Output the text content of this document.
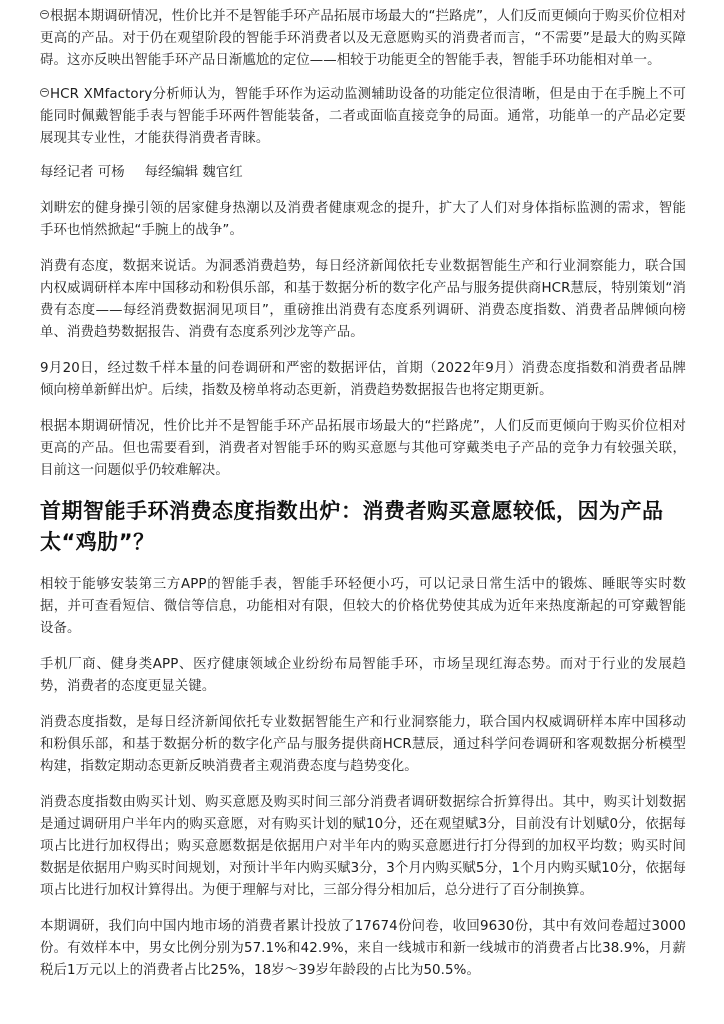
根据本期调研情况，性价比并不是智能手环产品拓展市场最大的“拦路虎”，人们反而更倾向于购买价位相对更高的产品。对于仍在观望阶段的智能手环消费者以及无意愿购买的消费者而言，“不需要”是最大的购买障碍。这亦反映出智能手环产品日渐尴尬的定位——相较于功能更全的智能手表，智能手环功能相对单一。

HCR XMfactory分析师认为，智能手环作为运动监测辅助设备的功能定位很清晰，但是由于在手腕上不可能同时佩戴智能手表与智能手环两件智能装备，二者或面临直接竞争的局面。通常，功能单一的产品必定要展现其专业性，才能获得消费者青睐。

每经记者 可杨 每经编辑 魏官红

刘畊宏的健身操引领的居家健身热潮以及消费者健康观念的提升，扩大了人们对身体指标监测的需求，智能手环也悄然掀起“手腕上的战争”。

消费有态度，数据来说话。为洞悉消费趋势，每日经济新闻依托专业数据智能生产和行业洞察能力，联合国内权威调研样本库中国移动和粉俱乐部，和基于数据分析的数字化产品与服务提供商HCR慧辰，特别策划“消费有态度——每经消费数据洞见项目”，重磅推出消费有态度系列调研、消费态度指数、消费者品牌倾向榜单、消费趋势数据报告、消费有态度系列沙龙等产品。

9月20日，经过数千样本量的问卷调研和严密的数据评估，首期（2022年9月）消费态度指数和消费者品牌倾向榜单新鲜出炉。后续，指数及榜单将动态更新，消费趋势数据报告也将定期更新。

根据本期调研情况，性价比并不是智能手环产品拓展市场最大的“拦路虎”，人们反而更倾向于购买价位相对更高的产品。但也需要看到，消费者对智能手环的购买意愿与其他可穿戴类电子产品的竞争力有较强关联，目前这一问题似乎仍较难解决。

首期智能手环消费态度指数出炉：消费者购买意愿较低，因为产品太“鸡肋”？

相较于能够安装第三方APP的智能手表，智能手环轻便小巧，可以记录日常生活中的锻炼、睡眠等实时数据，并可查看短信、微信等信息，功能相对有限，但较大的价格优势使其成为近年来热度渐起的可穿戴智能设备。

手机厂商、健身类APP、医疗健康领域企业纷纷布局智能手环，市场呈现红海态势。而对于行业的发展趋势，消费者的态度更显关键。

消费态度指数，是每日经济新闻依托专业数据智能生产和行业洞察能力，联合国内权威调研样本库中国移动和粉俱乐部，和基于数据分析的数字化产品与服务提供商HCR慧辰，通过科学问卷调研和客观数据分析模型构建，指数定期动态更新反映消费者主观消费态度与趋势变化。

消费态度指数由购买计划、购买意愿及购买时间三部分消费者调研数据综合折算得出。其中，购买计划数据是通过调研用户半年内的购买意愿，对有购买计划的赋10分，还在观望赋3分，目前没有计划赋0分，依据每项占比进行加权得出；购买意愿数据是依据用户对半年内的购买意愿进行打分得到的加权平均数；购买时间数据是依据用户购买时间规划，对预计半年内购买赋3分，3个月内购买赋5分，1个月内购买赋10分，依据每项占比进行加权计算得出。为便于理解与对比，三部分得分相加后，总分进行了百分制换算。

本期调研，我们向中国内地市场的消费者累计投放了17674份问卷，收回9630份，其中有效问卷超过3000份。有效样本中，男女比例分别为57.1%和42.9%，来自一线城市和新一线城市的消费者占比38.9%，月薪税后1万元以上的消费者占比25%，18岁～39岁年龄段的占比为50.5%。
